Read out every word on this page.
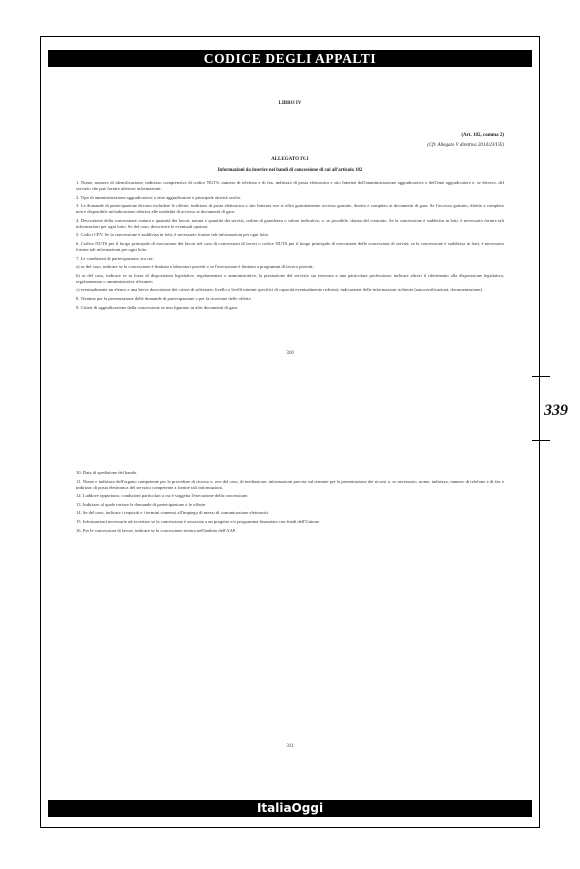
CODICE DEGLI APPALTI
339
LIBRO IV
(Art. 182, comma 2)
(Cfr. Allegato V direttiva 2014/23/UE)
ALLEGATO IV.1
Informazioni da inserire nei bandi di concessione di cui all'articolo 182

1. Nome, numero di identificazione, indirizzo comprensivo di codice NUTS, numero di telefono e di fax, indirizzo di posta elettronica e sito Internet dell'amministrazione aggiudicatrice o dell'ente aggiudicatore e, se diverso, del servizio che può fornire ulteriori informazioni.

2. Tipo di amministrazione aggiudicatrice o ente aggiudicatore e principale attività svolta.

3. Le domande di partecipazione devono includere le offerte, indirizzo di posta elettronica o sito Internet ove si offra gratuitamente accesso gratuito, diretto e completo ai documenti di gara. Se l'accesso gratuito, diretto e completo non è disponibile un'indicazione relativa alle modalità di accesso ai documenti di gara.

4. Descrizione della concessione: natura e quantità dei lavori, natura e quantità dei servizi, ordine di grandezza o valore indicativo, e, se possibile, durata del contratto. Se la concessione è suddivisa in lotti, è necessario fornire tali informazioni per ogni lotto. Se del caso, descrivere le eventuali opzioni.

5. Codici CPV. Se la concessione è suddivisa in lotti, è necessario fornire tali informazioni per ogni lotto.

6. Codice NUTS per il luogo principale di esecuzione dei lavori nel caso di concessioni di lavori o codice NUTS per il luogo principale di esecuzione delle concessioni di servizi; se la concessione è suddivisa in lotti, è necessario fornire tali informazioni per ogni lotto.

7. Le condizioni di partecipazione, tra cui:

a) se del caso, indicare se la concessione è limitata a laboratori protetti o se l'esecuzione è limitata a programmi di lavoro protetti;

b) se del caso, indicare se in forza di disposizioni legislative, regolamentari o amministrative, la prestazione del servizio sia riservata a una particolare professione; indicare altresì il riferimento alla disposizione legislativa, regolamentare o amministrativa rilevante;

c) eventualmente un elenco e una breve descrizione dei criteri di selezione; livello o livelli minimi specifici di capacità eventualmente richiesti; indicazione delle informazioni richieste (autocertificazioni, documentazione).

8. Termine per la presentazione delle domande di partecipazione o per la ricezione delle offerte.

9. Criteri di aggiudicazione della concessione se non figurano in altri documenti di gara.

310

10. Data di spedizione del bando.

11. Nome e indirizzo dell'organo competente per le procedure di ricorso e, ove del caso, di mediazione; informazioni precise sul termine per la presentazione dei ricorsi o, se necessario, nome, indirizzo, numero di telefono e di fax e indirizzo di posta elettronica del servizio competente a fornire tali informazioni.

12. Laddove opportuno, condizioni particolari a cui è soggetta l'esecuzione della concessione.

13. Indirizzo al quale inviare le domande di partecipazione o le offerte.

14. Se del caso, indicare i requisiti e i termini connessi all'impiego di mezzi di comunicazione elettronici.

15. Informazioni necessarie ad accertare se la concessione è associata a un progetto e/o programma finanziato con fondi dell'Unione.

16. Per le concessioni di lavori, indicare se la concessione rientra nell'ambito dell'AAP.

311
ItaliaOggi
